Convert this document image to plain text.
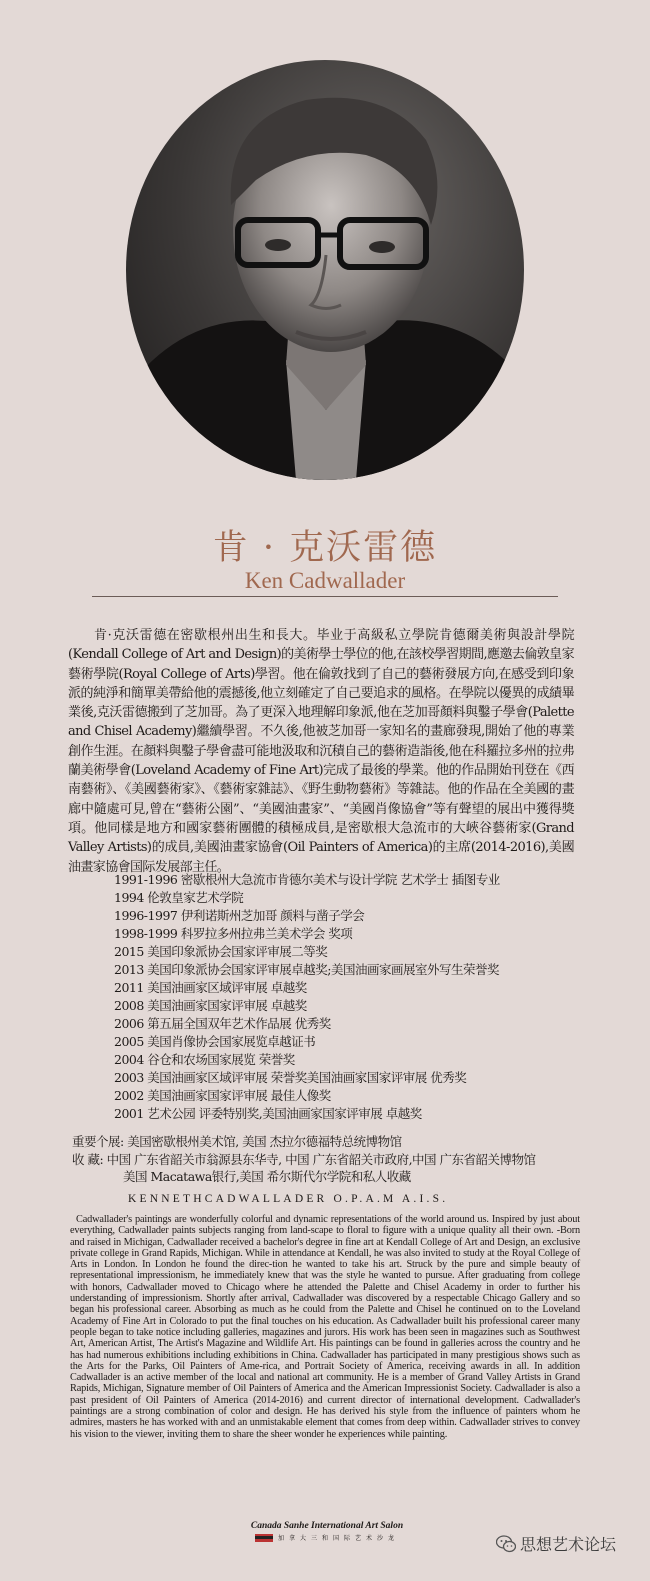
肯 · 克沃雷德
Ken Cadwallader
肯·克沃雷德在密歇根州出生和長大。毕业于高級私立學院肯德爾美術與設計學院(Kendall College of Art and Design)的美術學士學位的他,在該校學習期間,應邀去倫敦皇家藝術學院(Royal College of Arts)學習。他在倫敦找到了自己的藝術發展方向,在感受到印象派的純淨和簡單美帶給他的震撼後,他立刻確定了自己要追求的風格。在學院以優異的成績畢業後,克沃雷德搬到了芝加哥。為了更深入地理解印象派,他在芝加哥顏料與鑿子學會(Palette and Chisel Academy)繼續學習。不久後,他被芝加哥一家知名的畫廊發現,開始了他的專業創作生涯。在顏料與鑿子學會盡可能地汲取和沉積自己的藝術造詣後,他在科羅拉多州的拉弗蘭美術學會(Loveland Academy of Fine Art)完成了最後的學業。他的作品開始刊登在《西南藝術》、《美國藝術家》、《藝術家雜誌》、《野生動物藝術》等雜誌。他的作品在全美國的畫廊中隨處可見,曾在“藝術公園”、“美國油畫家”、“美國肖像協會”等有聲望的展出中獲得獎項。他同樣是地方和國家藝術團體的積極成員,是密歇根大急流市的大峽谷藝術家(Grand Valley Artists)的成員,美國油畫家協會(Oil Painters of America)的主席(2014-2016),美國油畫家協會国际发展部主任。
1991-1996 密歇根州大急流市肯德尔美术与设计学院 艺术学士 插图专业
1994 伦敦皇家艺术学院
1996-1997 伊利诺斯州芝加哥 颜料与凿子学会
1998-1999 科罗拉多州拉弗兰美术学会 奖项
2015 美国印象派协会国家评审展二等奖
2013 美国印象派协会国家评审展卓越奖;美国油画家画展室外写生荣誉奖
2011 美国油画家区域评审展 卓越奖
2008 美国油画家国家评审展 卓越奖
2006 第五届全国双年艺术作品展 优秀奖
2005 美国肖像协会国家展览卓越证书
2004 谷仓和农场国家展览 荣誉奖
2003 美国油画家区域评审展 荣誉奖美国油画家国家评审展 优秀奖
2002 美国油画家国家评审展 最佳人像奖
2001 艺术公园 评委特别奖,美国油画家国家评审展 卓越奖
重要个展: 美国密歇根州美术馆, 美国 杰拉尔德福特总统博物馆
收 藏: 中国 广东省韶关市翁源县东华寺, 中国 广东省韶关市政府,中国 广东省韶关博物馆
美国 Macatawa银行,美国 希尔斯代尔学院和私人收藏
KENNETHCADWALLADER O.P.A.M A.I.S.
Cadwallader's paintings are wonderfully colorful and dynamic representations of the world around us. Inspired by just about everything, Cadwallader paints subjects ranging from land-scape to floral to figure with a unique quality all their own. -Born and raised in Michigan, Cadwallader received a bachelor's degree in fine art at Kendall College of Art and Design, an exclusive private college in Grand Rapids, Michigan. While in attendance at Kendall, he was also invited to study at the Royal College of Arts in London. In London he found the direc-tion he wanted to take his art. Struck by the pure and simple beauty of representational impressionism, he immediately knew that was the style he wanted to pursue. After graduating from college with honors, Cadwallader moved to Chicago where he attended the Palette and Chisel Academy in order to further his understanding of impressionism. Shortly after arrival, Cadwallader was discovered by a respectable Chicago Gallery and so began his professional career. Absorbing as much as he could from the Palette and Chisel he continued on to the Loveland Academy of Fine Art in Colorado to put the final touches on his education. As Cadwallader built his professional career many people began to take notice including galleries, magazines and jurors. His work has been seen in magazines such as Southwest Art, American Artist, The Artist's Magazine and Wildlife Art. His paintings can be found in galleries across the country and he has had numerous exhibitions including exhibitions in China. Cadwallader has participated in many prestigious shows such as the Arts for the Parks, Oil Painters of Ame-rica, and Portrait Society of America, receiving awards in all. In addition Cadwallader is an active member of the local and national art community. He is a member of Grand Valley Artists in Grand Rapids, Michigan, Signature member of Oil Painters of America and the American Impressionist Society. Cadwallader is also a past president of Oil Painters of America (2014-2016) and current director of international development. Cadwallader's paintings are a strong combination of color and design. He has derived his style from the influence of painters whom he admires, masters he has worked with and an unmistakable element that comes from deep within. Cadwallader strives to convey his vision to the viewer, inviting them to share the sheer wonder he experiences while painting.
Canada Sanhe International Art Salon
加拿大三和国际艺术沙龙	思想艺术论坛
